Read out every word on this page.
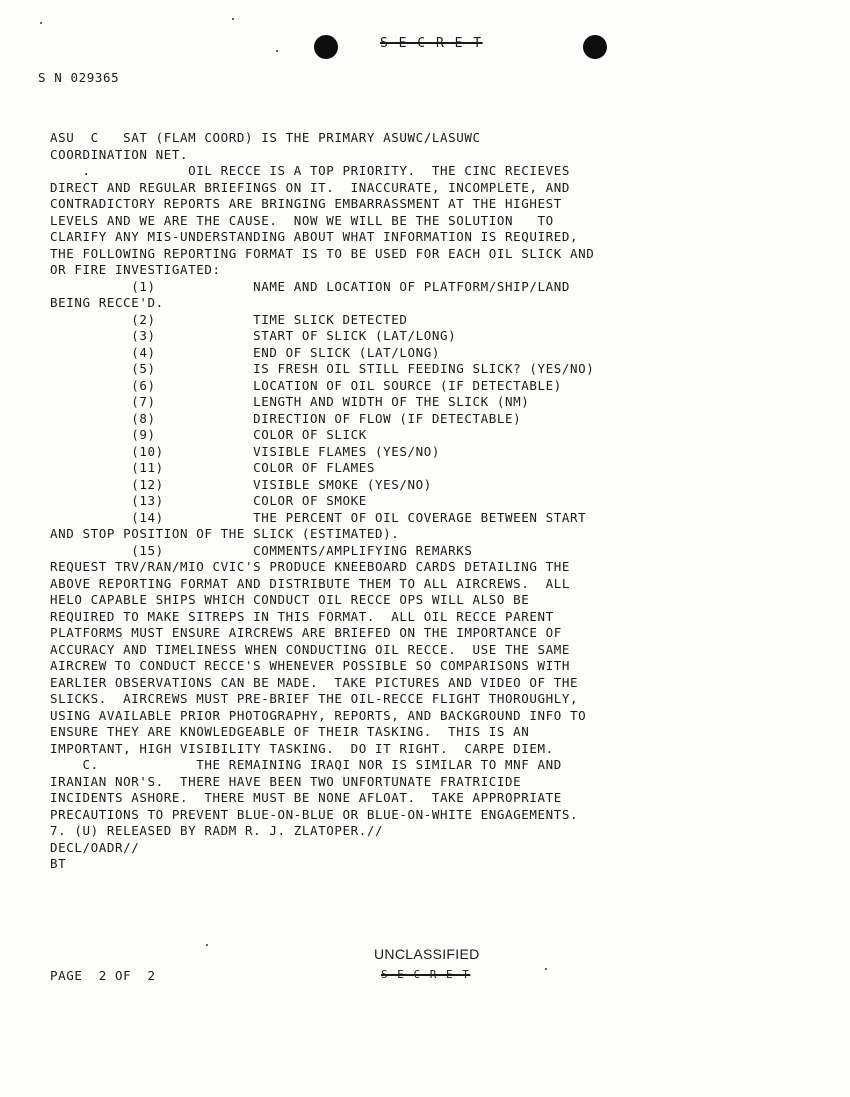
S E C R E T
S N 029365

ASU  C   SAT (FLAM COORD) IS THE PRIMARY ASUWC/LASUWC
COORDINATION NET.
.            OIL RECCE IS A TOP PRIORITY.  THE CINC RECIEVES
DIRECT AND REGULAR BRIEFINGS ON IT.  INACCURATE, INCOMPLETE, AND
CONTRADICTORY REPORTS ARE BRINGING EMBARRASSMENT AT THE HIGHEST
LEVELS AND WE ARE THE CAUSE.  NOW WE WILL BE THE SOLUTION   TO
CLARIFY ANY MIS-UNDERSTANDING ABOUT WHAT INFORMATION IS REQUIRED,
THE FOLLOWING REPORTING FORMAT IS TO BE USED FOR EACH OIL SLICK AND
OR FIRE INVESTIGATED:
(1)            NAME AND LOCATION OF PLATFORM/SHIP/LAND
BEING RECCE'D.
(2)            TIME SLICK DETECTED
(3)            START OF SLICK (LAT/LONG)
(4)            END OF SLICK (LAT/LONG)
(5)            IS FRESH OIL STILL FEEDING SLICK? (YES/NO)
(6)            LOCATION OF OIL SOURCE (IF DETECTABLE)
(7)            LENGTH AND WIDTH OF THE SLICK (NM)
(8)            DIRECTION OF FLOW (IF DETECTABLE)
(9)            COLOR OF SLICK
(10)           VISIBLE FLAMES (YES/NO)
(11)           COLOR OF FLAMES
(12)           VISIBLE SMOKE (YES/NO)
(13)           COLOR OF SMOKE
(14)           THE PERCENT OF OIL COVERAGE BETWEEN START
AND STOP POSITION OF THE SLICK (ESTIMATED).
(15)           COMMENTS/AMPLIFYING REMARKS
REQUEST TRV/RAN/MIO CVIC'S PRODUCE KNEEBOARD CARDS DETAILING THE
ABOVE REPORTING FORMAT AND DISTRIBUTE THEM TO ALL AIRCREWS.  ALL
HELO CAPABLE SHIPS WHICH CONDUCT OIL RECCE OPS WILL ALSO BE
REQUIRED TO MAKE SITREPS IN THIS FORMAT.  ALL OIL RECCE PARENT
PLATFORMS MUST ENSURE AIRCREWS ARE BRIEFED ON THE IMPORTANCE OF
ACCURACY AND TIMELINESS WHEN CONDUCTING OIL RECCE.  USE THE SAME
AIRCREW TO CONDUCT RECCE'S WHENEVER POSSIBLE SO COMPARISONS WITH
EARLIER OBSERVATIONS CAN BE MADE.  TAKE PICTURES AND VIDEO OF THE
SLICKS.  AIRCREWS MUST PRE-BRIEF THE OIL-RECCE FLIGHT THOROUGHLY,
USING AVAILABLE PRIOR PHOTOGRAPHY, REPORTS, AND BACKGROUND INFO TO
ENSURE THEY ARE KNOWLEDGEABLE OF THEIR TASKING.  THIS IS AN
IMPORTANT, HIGH VISIBILITY TASKING.  DO IT RIGHT.  CARPE DIEM.
C.            THE REMAINING IRAQI NOR IS SIMILAR TO MNF AND
IRANIAN NOR'S.  THERE HAVE BEEN TWO UNFORTUNATE FRATRICIDE
INCIDENTS ASHORE.  THERE MUST BE NONE AFLOAT.  TAKE APPROPRIATE
PRECAUTIONS TO PREVENT BLUE-ON-BLUE OR BLUE-ON-WHITE ENGAGEMENTS.
7. (U) RELEASED BY RADM R. J. ZLATOPER.//
DECL/OADR//
BT
PAGE  2 OF  2
UNCLASSIFIED
S E C R E T
